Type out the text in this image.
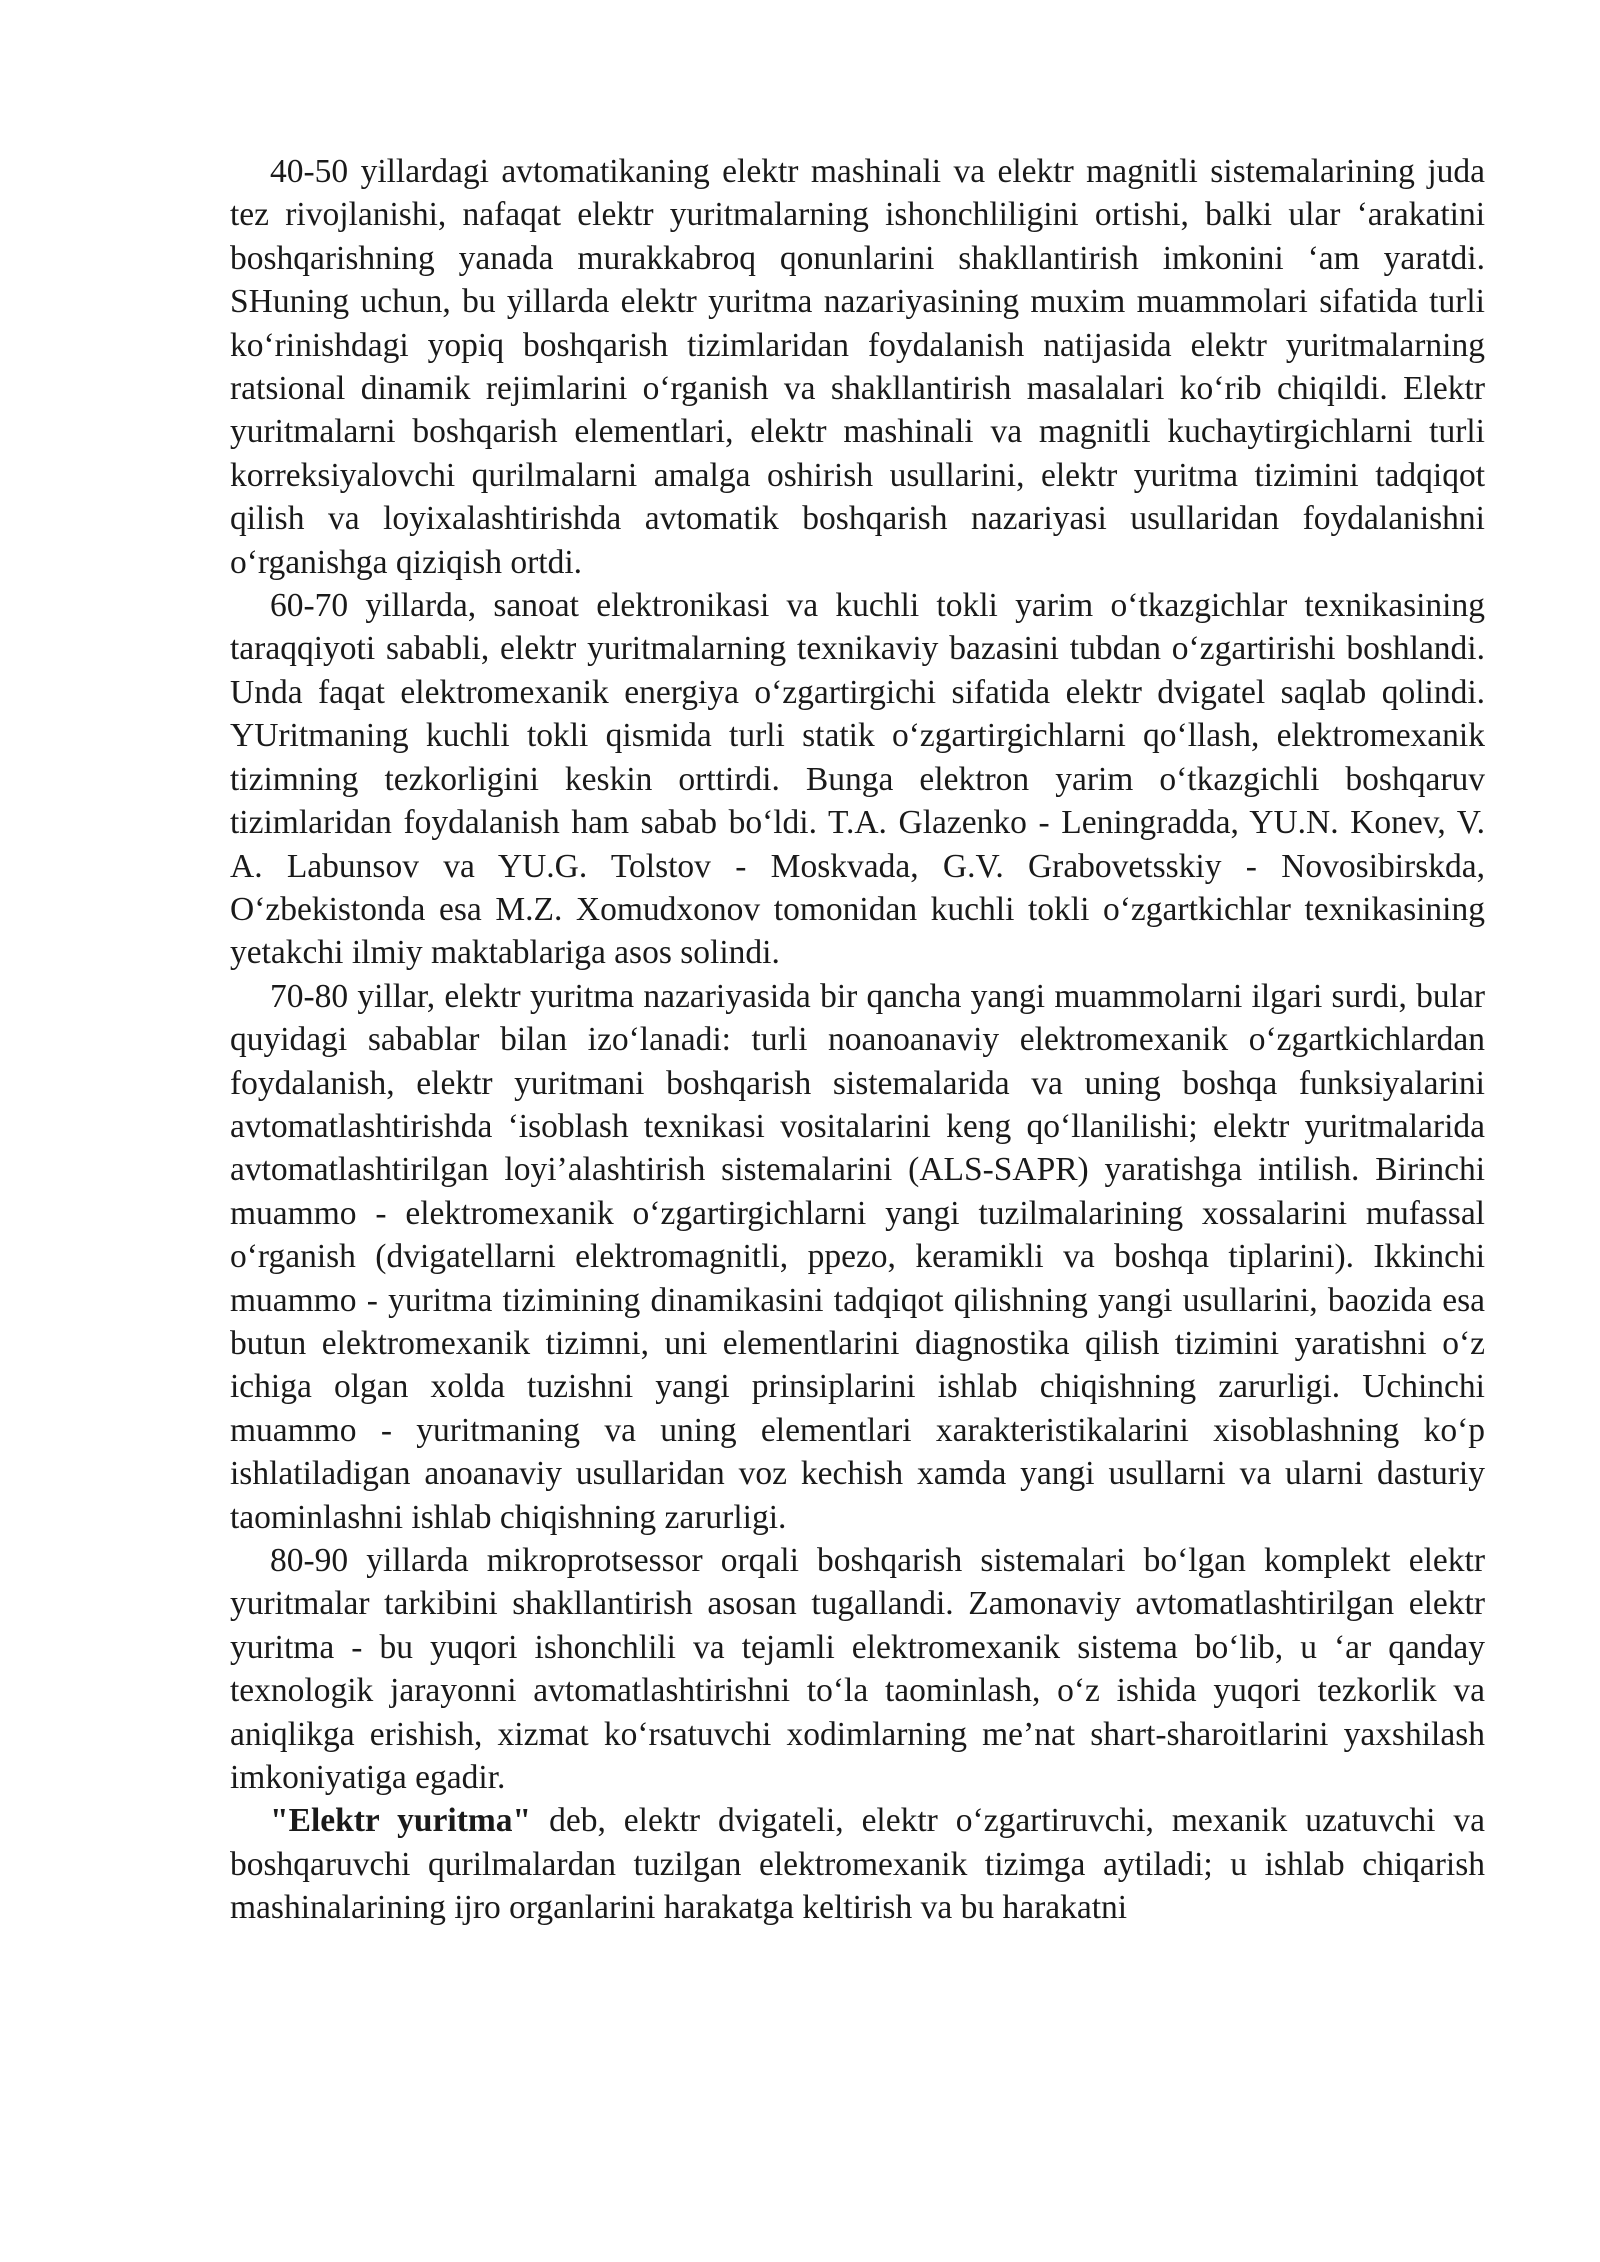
40-50 yillardagi avtomatikaning elektr mashinali va elektr magnitli sistemalarining juda tez rivojlanishi, nafaqat elektr yuritmalarning ishonchliligini ortishi, balki ular ‘arakatini boshqarishning yanada murakkabroq qonunlarini shakllantirish imkonini ‘am yaratdi. SHuning uchun, bu yillarda elektr yuritma nazariyasining muxim muammolari sifatida turli ko‘rinishdagi yopiq boshqarish tizimlaridan foydalanish natijasida elektr yuritmalarning ratsional dinamik rejimlarini o‘rganish va shakllantirish masalalari ko‘rib chiqildi. Elektr yuritmalarni boshqarish elementlari, elektr mashinali va magnitli kuchaytirgichlarni turli korreksiyalovchi qurilmalarni amalga oshirish usullarini, elektr yuritma tizimini tadqiqot qilish va loyixalashtirishda avtomatik boshqarish nazariyasi usullaridan foydalanishni o‘rganishga qiziqish ortdi.

60-70 yillarda, sanoat elektronikasi va kuchli tokli yarim o‘tkazgichlar texnikasining taraqqiyoti sababli, elektr yuritmalarning texnikaviy bazasini tubdan o‘zgartirishi boshlandi. Unda faqat elektromexanik energiya o‘zgartirgichi sifatida elektr dvigatel saqlab qolindi. YUritmaning kuchli tokli qismida turli statik o‘zgartirgichlarni qo‘llash, elektromexanik tizimning tezkorligini keskin orttirdi. Bunga elektron yarim o‘tkazgichli boshqaruv tizimlaridan foydalanish ham sabab bo‘ldi. T.A. Glazenko - Leningradda, YU.N. Konev, V. A. Labunsov va YU.G. Tolstov - Moskvada, G.V. Grabovetsskiy - Novosibirskda, O‘zbekistonda esa M.Z. Xomudxonov tomonidan kuchli tokli o‘zgartkichlar texnikasining yetakchi ilmiy maktablariga asos solindi.

70-80 yillar, elektr yuritma nazariyasida bir qancha yangi muammolarni ilgari surdi, bular quyidagi sabablar bilan izo‘lanadi: turli noanoanaviy elektromexanik o‘zgartkichlardan foydalanish, elektr yuritmani boshqarish sistemalarida va uning boshqa funksiyalarini avtomatlashtirishda ‘isoblash texnikasi vositalarini keng qo‘llanilishi; elektr yuritmalarida avtomatlashtirilgan loyi’alashtirish sistemalarini (ALS-SAPR) yaratishga intilish. Birinchi muammo - elektromexanik o‘zgartirgichlarni yangi tuzilmalarining xossalarini mufassal o‘rganish (dvigatellarni elektromagnitli, ppezo, keramikli va boshqa tiplarini). Ikkinchi muammo - yuritma tizimining dinamikasini tadqiqot qilishning yangi usullarini, baozida esa butun elektromexanik tizimni, uni elementlarini diagnostika qilish tizimini yaratishni o‘z ichiga olgan xolda tuzishni yangi prinsiplarini ishlab chiqishning zarurligi. Uchinchi muammo - yuritmaning va uning elementlari xarakteristikalarini xisoblashning ko‘p ishlatiladigan anoanaviy usullaridan voz kechish xamda yangi usullarni va ularni dasturiy taominlashni ishlab chiqishning zarurligi.

80-90 yillarda mikroprotsessor orqali boshqarish sistemalari bo‘lgan komplekt elektr yuritmalar tarkibini shakllantirish asosan tugallandi. Zamonaviy avtomatlashtirilgan elektr yuritma - bu yuqori ishonchlili va tejamli elektromexanik sistema bo‘lib, u ‘ar qanday texnologik jarayonni avtomatlashtirishni to‘la taominlash, o‘z ishida yuqori tezkorlik va aniqlikga erishish, xizmat ko‘rsatuvchi xodimlarning me’nat shart-sharoitlarini yaxshilash imkoniyatiga egadir.

"Elektr yuritma" deb, elektr dvigateli, elektr o‘zgartiruvchi, mexanik uzatuvchi va boshqaruvchi qurilmalardan tuzilgan elektromexanik tizimga aytiladi; u ishlab chiqarish mashinalarining ijro organlarini harakatga keltirish va bu harakatni
